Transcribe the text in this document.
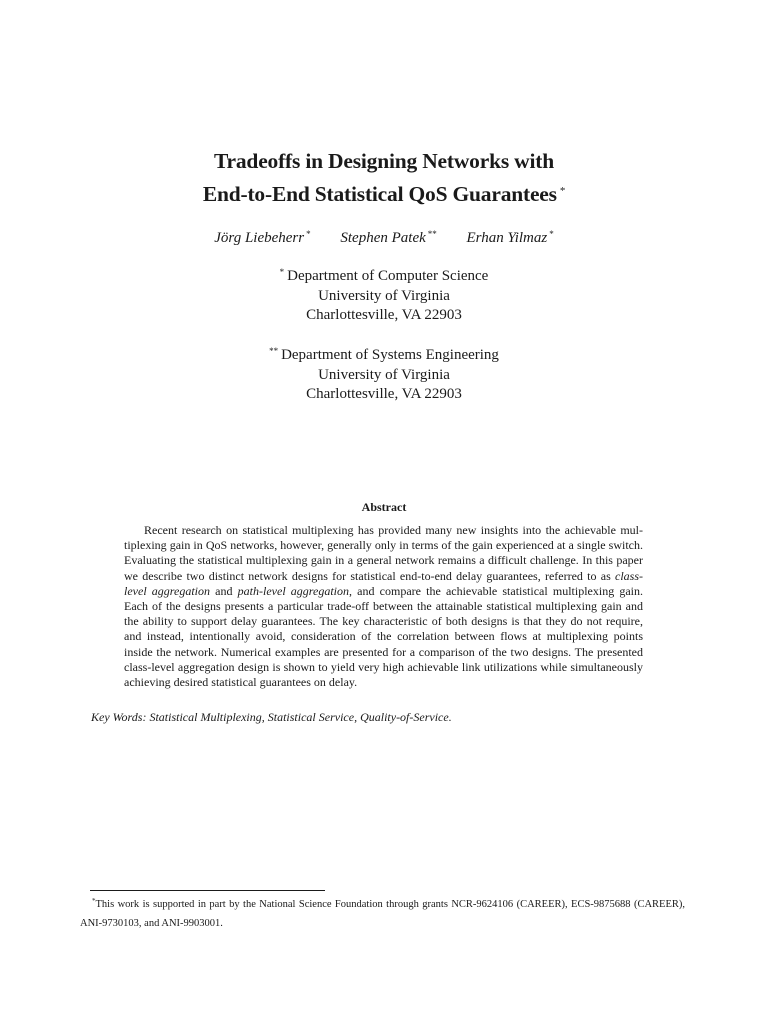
Tradeoffs in Designing Networks with
End-to-End Statistical QoS Guarantees *
Jörg Liebeherr * Stephen Patek ** Erhan Yilmaz *
* Department of Computer Science
University of Virginia
Charlottesville, VA 22903
** Department of Systems Engineering
University of Virginia
Charlottesville, VA 22903
Abstract

Recent research on statistical multiplexing has provided many new insights into the achievable multiplexing gain in QoS networks, however, generally only in terms of the gain experienced at a single switch. Evaluating the statistical multiplexing gain in a general network remains a difficult challenge. In this paper we describe two distinct network designs for statistical end-to-end delay guarantees, referred to as class-level aggregation and path-level aggregation, and compare the achievable statistical multiplexing gain. Each of the designs presents a particular trade-off between the attainable statistical multiplexing gain and the ability to support delay guarantees. The key characteristic of both designs is that they do not require, and instead, intentionally avoid, consideration of the correlation between flows at multiplexing points inside the network. Numerical examples are presented for a comparison of the two designs. The presented class-level aggregation design is shown to yield very high achievable link utilizations while simultaneously achieving desired statistical guarantees on delay.

Key Words: Statistical Multiplexing, Statistical Service, Quality-of-Service.

*This work is supported in part by the National Science Foundation through grants NCR-9624106 (CAREER), ECS-9875688 (CAREER), ANI-9730103, and ANI-9903001.
